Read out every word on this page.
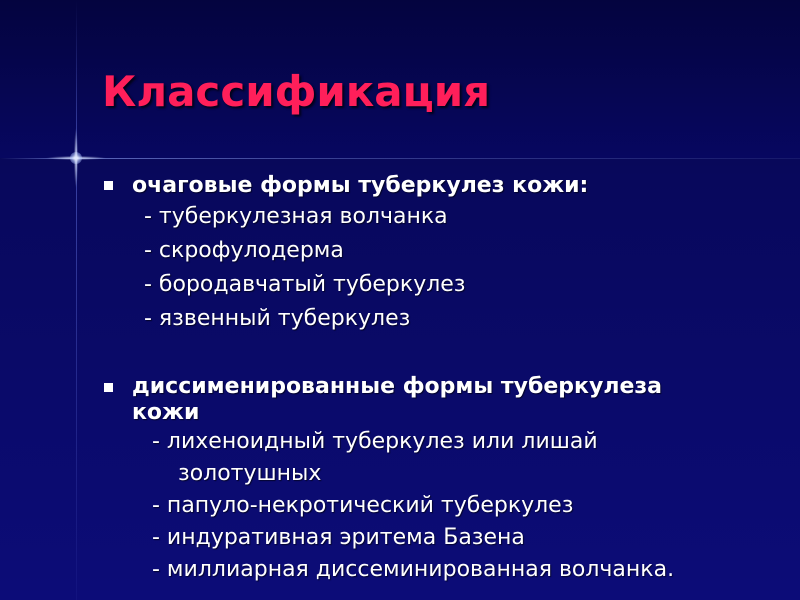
Классификация
очаговые формы туберкулез кожи:
- туберкулезная волчанка
- скрофулодерма
- бородавчатый туберкулез
- язвенный туберкулез
диссименированные формы туберкулеза
кожи
- лихеноидный туберкулез или лишай
золотушных
- папуло-некротический туберкулез
- индуративная эритема Базена
- миллиарная диссеминированная волчанка.
